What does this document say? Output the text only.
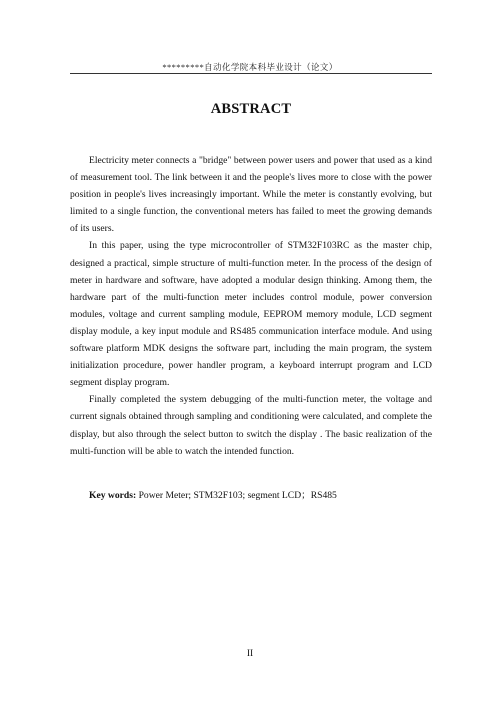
*********自动化学院本科毕业设计（论文）
ABSTRACT

Electricity meter connects a "bridge" between power users and power that used as a kind of measurement tool. The link between it and the people's lives more to close with the power position in people's lives increasingly important. While the meter is constantly evolving, but limited to a single function, the conventional meters has failed to meet the growing demands of its users.

In this paper, using the type microcontroller of STM32F103RC as the master chip, designed a practical, simple structure of multi-function meter. In the process of the design of meter in hardware and software, have adopted a modular design thinking. Among them, the hardware part of the multi-function meter includes control module, power conversion modules, voltage and current sampling module, EEPROM memory module, LCD segment display module, a key input module and RS485 communication interface module. And using software platform MDK designs the software part, including the main program, the system initialization procedure, power handler program, a keyboard interrupt program and LCD segment display program.

Finally completed the system debugging of the multi-function meter, the voltage and current signals obtained through sampling and conditioning were calculated, and complete the display, but also through the select button to switch the display . The basic realization of the multi-function will be able to watch the intended function.

Key words: Power Meter; STM32F103; segment LCD；RS485
II
